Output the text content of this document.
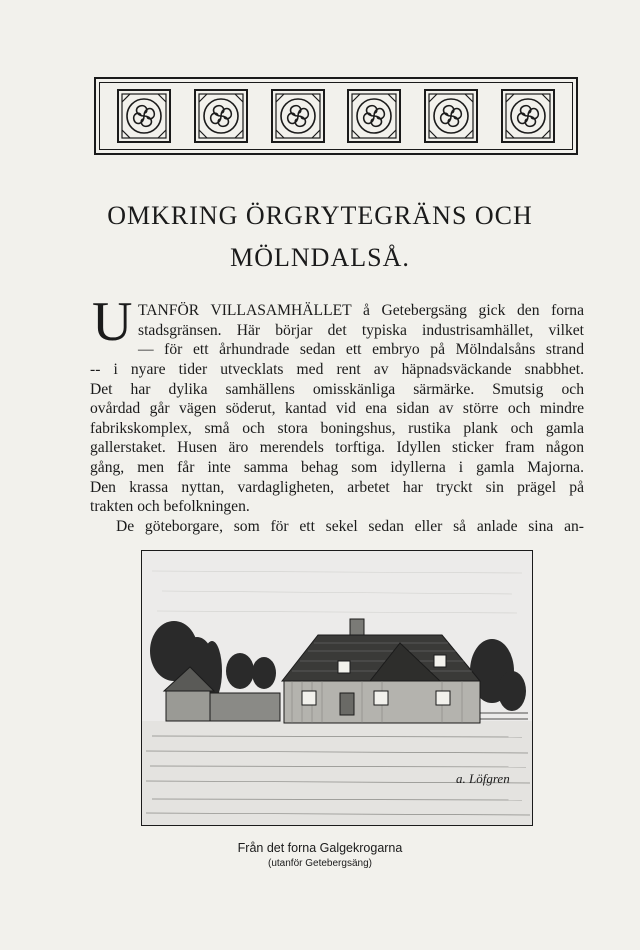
OMKRING ÖRGRYTEGRÄNS OCH
MÖLNDALSÅ.
U TANFÖR VILLASAMHÄLLET å Getebergsäng gick den forna
stadsgränsen. Här börjar det typiska industrisamhället, vilket
— för ett århundrade sedan ett embryo på Mölndalsåns strand
-- i nyare tider utvecklats med rent av häpnadsväckande snabbhet.
Det har dylika samhällens omisskänliga särmärke. Smutsig och
ovårdad går vägen söderut, kantad vid ena sidan av större och mindre
fabrikskomplex, små och stora boningshus, rustika plank och gamla
gallerstaket. Husen äro merendels torftiga. Idyllen sticker fram någon
gång, men får inte samma behag som idyllerna i gamla Majorna.
Den krassa nyttan, vardagligheten, arbetet har tryckt sin prägel på
trakten och befolkningen.
De göteborgare, som för ett sekel sedan eller så anlade sina an-
a. Löfgren

Från det forna Galgekrogarna

(utanför Getebergsäng)
